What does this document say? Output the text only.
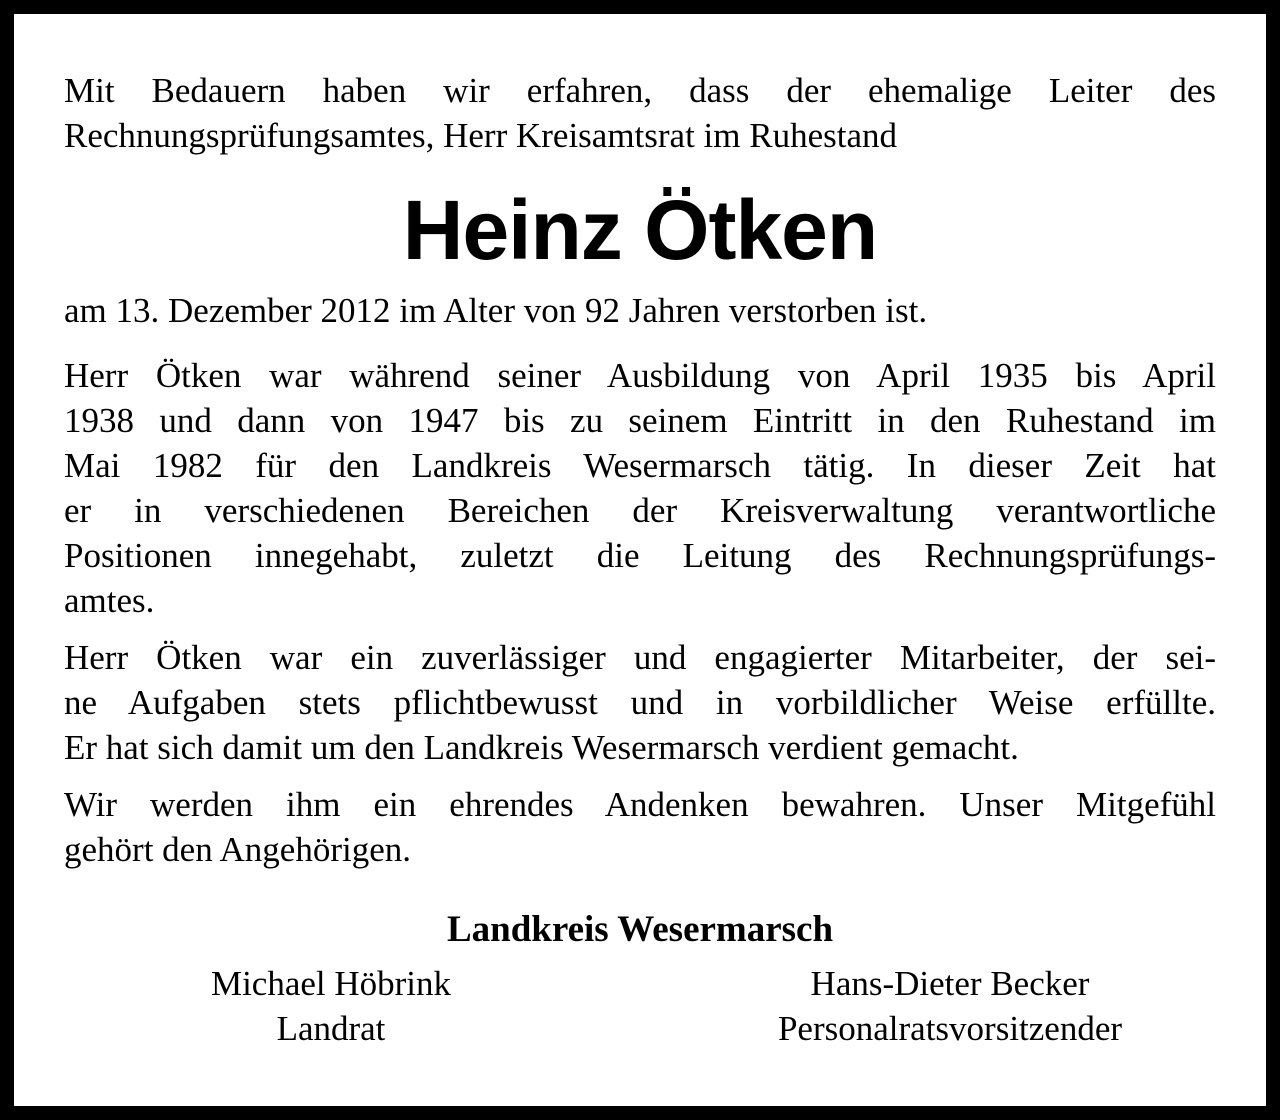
Mit Bedauern haben wir erfahren, dass der ehemalige Leiter des
Rechnungsprüfungsamtes, Herr Kreisamtsrat im Ruhestand

Heinz Ötken

am 13. Dezember 2012 im Alter von 92 Jahren verstorben ist.

Herr Ötken war während seiner Ausbildung von April 1935 bis April
1938 und dann von 1947 bis zu seinem Eintritt in den Ruhestand im
Mai 1982 für den Landkreis Wesermarsch tätig. In dieser Zeit hat
er in verschiedenen Bereichen der Kreisverwaltung verantwortliche
Positionen innegehabt, zuletzt die Leitung des Rechnungsprüfungs-
amtes.

Herr Ötken war ein zuverlässiger und engagierter Mitarbeiter, der sei-
ne Aufgaben stets pflichtbewusst und in vorbildlicher Weise erfüllte.
Er hat sich damit um den Landkreis Wesermarsch verdient gemacht.

Wir werden ihm ein ehrendes Andenken bewahren. Unser Mitgefühl
gehört den Angehörigen.

Landkreis Wesermarsch
Michael Höbrink
Landrat
Hans-Dieter Becker
Personalratsvorsitzender
